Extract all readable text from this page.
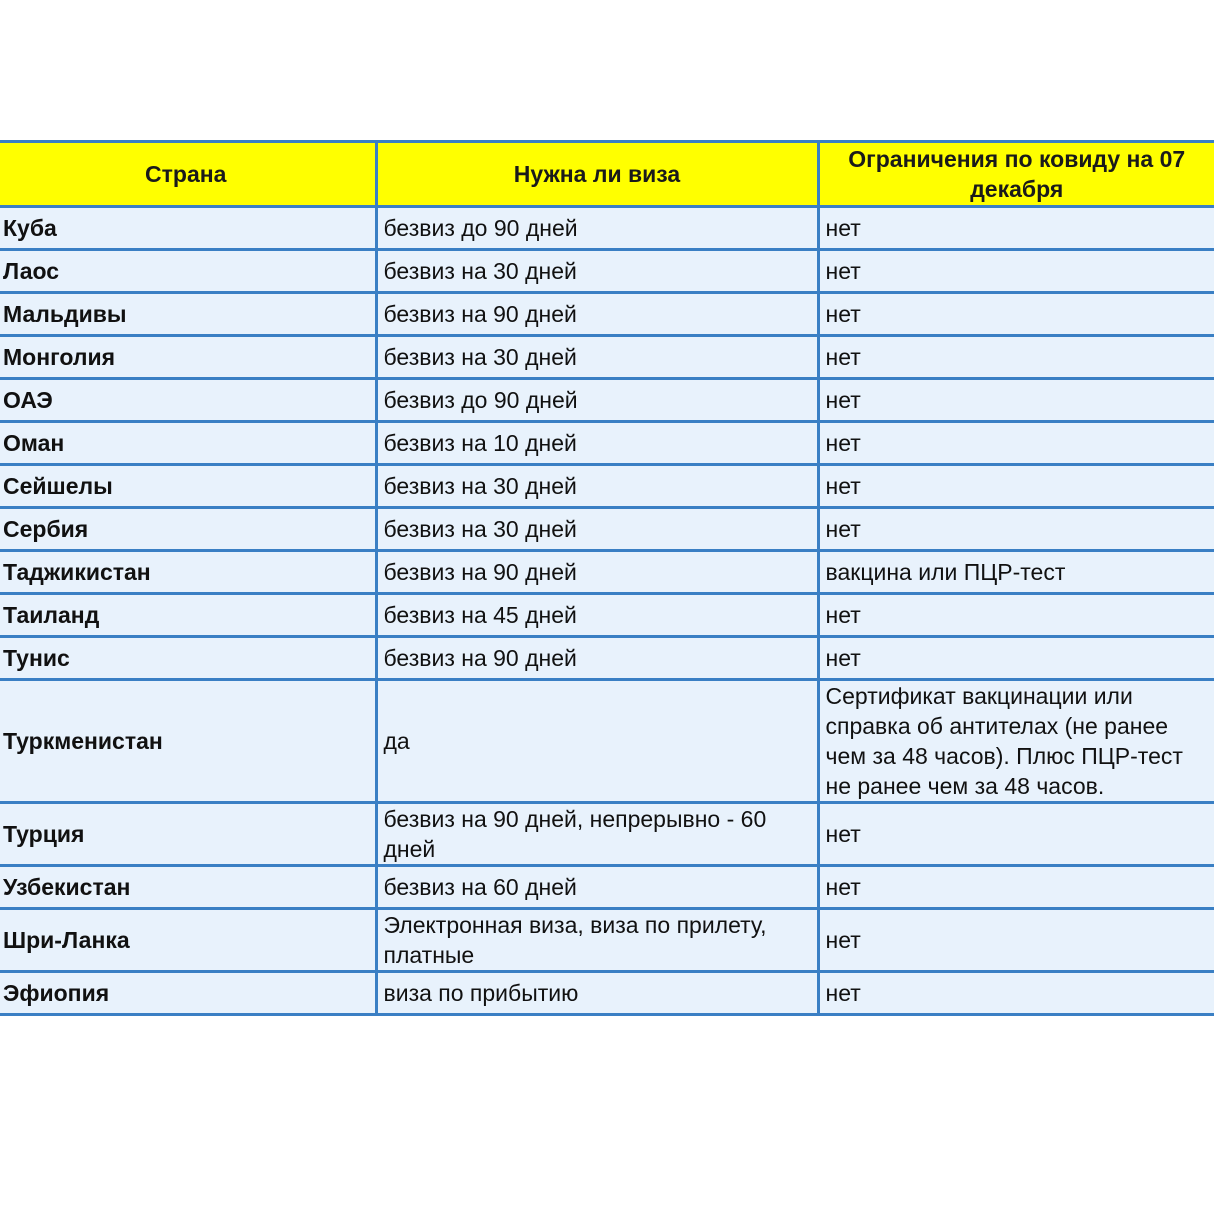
Страна	Нужна ли виза	Ограничения по ковиду на 07 декабря
Куба	безвиз до 90 дней	нет
Лаос	безвиз на 30 дней	нет
Мальдивы	безвиз на 90 дней	нет
Монголия	безвиз на 30 дней	нет
ОАЭ	безвиз до 90 дней	нет
Оман	безвиз на 10 дней	нет
Сейшелы	безвиз на 30 дней	нет
Сербия	безвиз на 30 дней	нет
Таджикистан	безвиз на 90 дней	вакцина или ПЦР-тест
Таиланд	безвиз на 45 дней	нет
Тунис	безвиз на 90 дней	нет
Туркменистан	да	Сертификат вакцинации или справка об антителах (не ранее чем за 48 часов). Плюс ПЦР-тест не ранее чем за 48 часов.
Турция	безвиз на 90 дней, непрерывно - 60 дней	нет
Узбекистан	безвиз на 60 дней	нет
Шри-Ланка	Электронная виза, виза по прилету, платные	нет
Эфиопия	виза по прибытию	нет
